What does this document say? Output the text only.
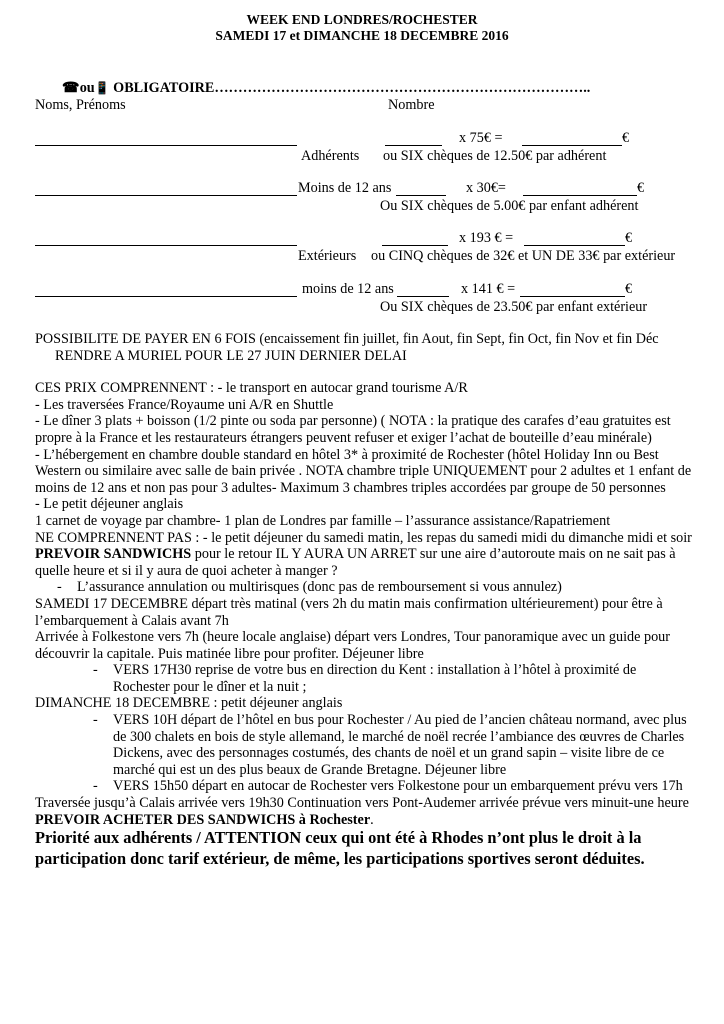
WEEK END LONDRES/ROCHESTER
SAMEDI 17 et DIMANCHE 18 DECEMBRE 2016
☎ou📱 OBLIGATOIRE……………………………………………………………………..
Noms, Prénoms	Nombre
x 75€ =	€
Adhérents ou SIX chèques de 12.50€ par adhérent
Moins de 12 ans	x 30€=	€
Ou SIX chèques de 5.00€ par enfant adhérent
x 193 € =	€
Extérieurs ou CINQ chèques de 32€ et UN DE 33€ par extérieur
moins de 12 ans	x 141 € =	€
Ou SIX chèques de 23.50€ par enfant extérieur

POSSIBILITE DE PAYER EN 6 FOIS (encaissement fin juillet, fin Aout, fin Sept, fin Oct, fin Nov et fin Déc

RENDRE A MURIEL POUR LE 27 JUIN DERNIER DELAI

CES PRIX COMPRENNENT : - le transport en autocar grand tourisme A/R

- Les traversées France/Royaume uni A/R en Shuttle

- Le dîner 3 plats + boisson (1/2 pinte ou soda par personne) ( NOTA : la pratique des carafes d’eau gratuites est propre à la France et les restaurateurs étrangers peuvent refuser et exiger l’achat de bouteille d’eau minérale)

- L’hébergement en chambre double standard en hôtel 3* à proximité de Rochester (hôtel Holiday Inn ou Best Western ou similaire avec salle de bain privée . NOTA chambre triple UNIQUEMENT pour 2 adultes et 1 enfant de moins de 12 ans et non pas pour 3 adultes- Maximum 3 chambres triples accordées par groupe de 50 personnes

- Le petit déjeuner anglais

1 carnet de voyage par chambre- 1 plan de Londres par famille – l’assurance assistance/Rapatriement

NE COMPRENNENT PAS : - le petit déjeuner du samedi matin, les repas du samedi midi du dimanche midi et soir PREVOIR SANDWICHS pour le retour IL Y AURA UN ARRET sur une aire d’autoroute mais on ne sait pas à quelle heure et si il y aura de quoi acheter à manger ?

- L’assurance annulation ou multirisques (donc pas de remboursement si vous annulez)

SAMEDI 17 DECEMBRE départ très matinal (vers 2h du matin mais confirmation ultérieurement) pour être à l’embarquement à Calais avant 7h

Arrivée à Folkestone vers 7h (heure locale anglaise) départ vers Londres, Tour panoramique avec un guide pour découvrir la capitale. Puis matinée libre pour profiter. Déjeuner libre

- VERS 17H30 reprise de votre bus en direction du Kent : installation à l’hôtel à proximité de Rochester pour le dîner et la nuit ;

DIMANCHE 18 DECEMBRE : petit déjeuner anglais

- VERS 10H départ de l’hôtel en bus pour Rochester / Au pied de l’ancien château normand, avec plus de 300 chalets en bois de style allemand, le marché de noël recrée l’ambiance des œuvres de Charles Dickens, avec des personnages costumés, des chants de noël et un grand sapin – visite libre de ce marché qui est un des plus beaux de Grande Bretagne. Déjeuner libre

- VERS 15h50 départ en autocar de Rochester vers Folkestone pour un embarquement prévu vers 17h

Traversée jusqu’à Calais arrivée vers 19h30 Continuation vers Pont-Audemer arrivée prévue vers minuit-une heure PREVOIR ACHETER DES SANDWICHS à Rochester.

Priorité aux adhérents / ATTENTION ceux qui ont été à Rhodes n’ont plus le droit à la participation donc tarif extérieur, de même, les participations sportives seront déduites.
